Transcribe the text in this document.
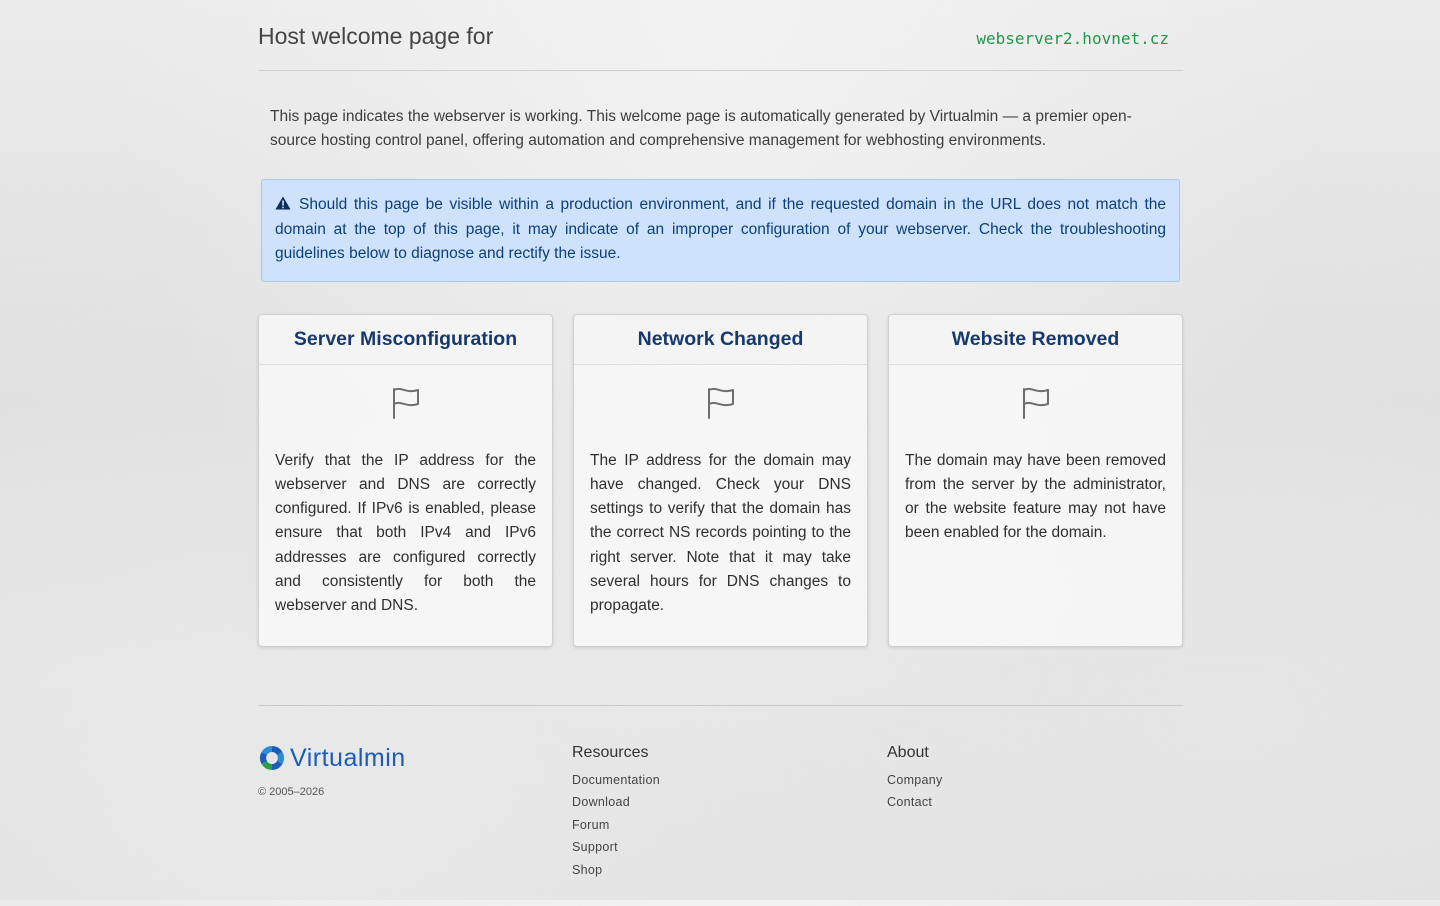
Host welcome page for	webserver2.hovnet.cz

This page indicates the webserver is working. This welcome page is automatically generated by Virtualmin — a premier open-source hosting control panel, offering automation and comprehensive management for webhosting environments.

Should this page be visible within a production environment, and if the requested domain in the URL does not match the domain at the top of this page, it may indicate of an improper configuration of your webserver. Check the troubleshooting guidelines below to diagnose and rectify the issue.
Server Misconfiguration
Verify that the IP address for the webserver and DNS are correctly configured. If IPv6 is enabled, please ensure that both IPv4 and IPv6 addresses are configured correctly and consistently for both the webserver and DNS.
Network Changed
The IP address for the domain may have changed. Check your DNS settings to verify that the domain has the correct NS records pointing to the right server. Note that it may take several hours for DNS changes to propagate.
Website Removed
The domain may have been removed from the server by the administrator, or the website feature may not have been enabled for the domain.
Virtualmin
© 2005–2026
Resources
Documentation
Download
Forum
Support
Shop
About
Company
Contact
